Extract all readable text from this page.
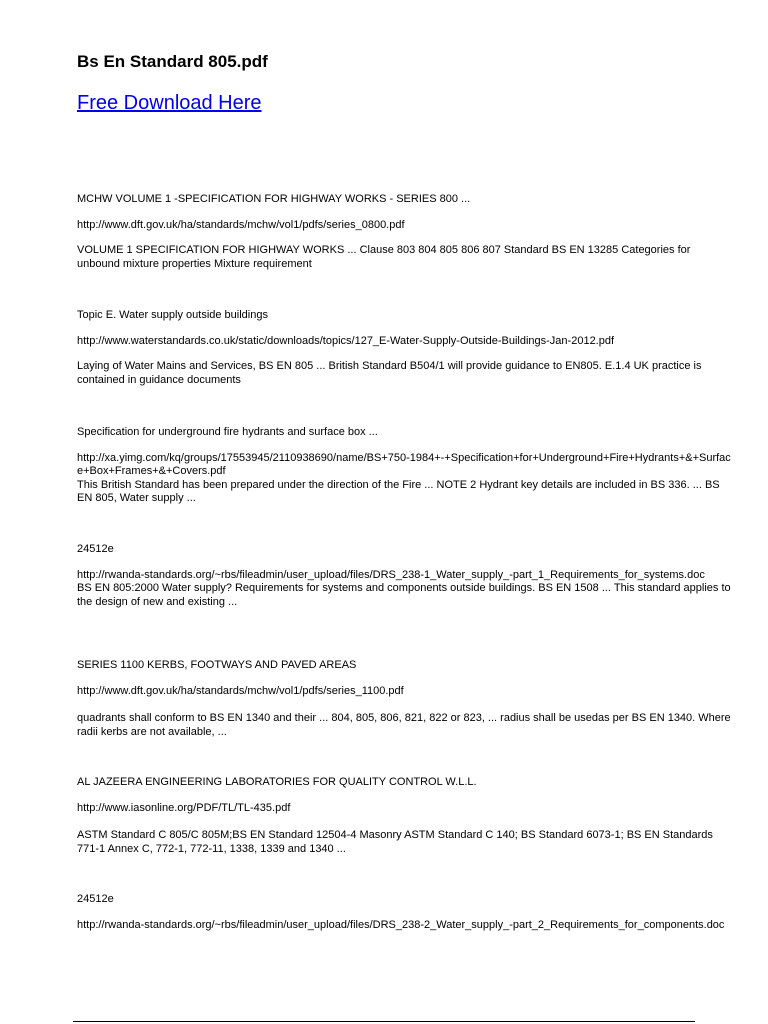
Bs En Standard 805.pdf
Free Download Here

MCHW VOLUME 1 -SPECIFICATION FOR HIGHWAY WORKS - SERIES 800 ...

http://www.dft.gov.uk/ha/standards/mchw/vol1/pdfs/series_0800.pdf

VOLUME 1 SPECIFICATION FOR HIGHWAY WORKS ... Clause 803 804 805 806 807 Standard BS EN 13285 Categories for unbound mixture properties Mixture requirement

Topic E. Water supply outside buildings

http://www.waterstandards.co.uk/static/downloads/topics/127_E-Water-Supply-Outside-Buildings-Jan-2012.pdf

Laying of Water Mains and Services, BS EN 805 ... British Standard B504/1 will provide guidance to EN805. E.1.4 UK practice is contained in guidance documents

Specification for underground fire hydrants and surface box ...

http://xa.yimg.com/kq/groups/17553945/2110938690/name/BS+750-1984+-+Specification+for+Underground+Fire+Hydrants+&+Surface+Box+Frames+&+Covers.pdf

This British Standard has been prepared under the direction of the Fire ... NOTE 2 Hydrant key details are included in BS 336. ... BS EN 805, Water supply ...

24512e

http://rwanda-standards.org/~rbs/fileadmin/user_upload/files/DRS_238-1_Water_supply_-part_1_Requirements_for_systems.doc

BS EN 805:2000 Water supply? Requirements for systems and components outside buildings. BS EN 1508 ... This standard applies to the design of new and existing ...

SERIES 1100 KERBS, FOOTWAYS AND PAVED AREAS

http://www.dft.gov.uk/ha/standards/mchw/vol1/pdfs/series_1100.pdf

quadrants shall conform to BS EN 1340 and their ... 804, 805, 806, 821, 822 or 823, ... radius shall be usedas per BS EN 1340. Where radii kerbs are not available, ...

AL JAZEERA ENGINEERING LABORATORIES FOR QUALITY CONTROL W.L.L.

http://www.iasonline.org/PDF/TL/TL-435.pdf

ASTM Standard C 805/C 805M;BS EN Standard 12504-4 Masonry ASTM Standard C 140; BS Standard 6073-1; BS EN Standards 771-1 Annex C, 772-1, 772-11, 1338, 1339 and 1340 ...

24512e

http://rwanda-standards.org/~rbs/fileadmin/user_upload/files/DRS_238-2_Water_supply_-part_2_Requirements_for_components.doc
